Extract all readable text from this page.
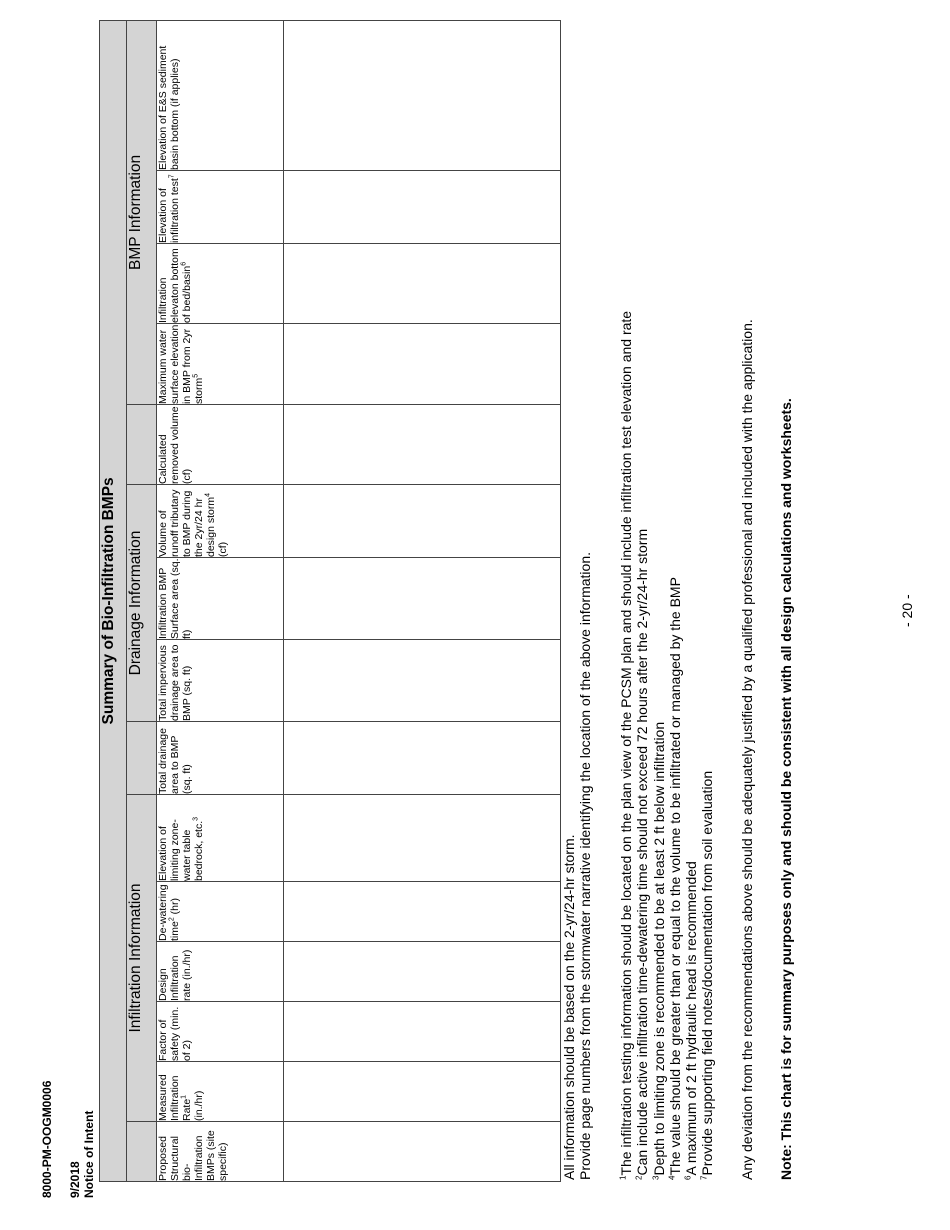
8000-PM-OOGM0006 9/2018 Notice of Intent
Summary of Bio-Infiltration BMPs														
	Infiltration Information						Drainage Information				BMP Information			
Proposed Structural bio-Infiltration BMPs (site specific)	Measured Infiltration Rate$^1$ (in./hr)	Factor of safety (min. of 2)	Design Infiltration rate (in./hr)	De-watering time$^2$ (hr)	Elevation of limiting zone-water table bedrock, etc.$^3$	Total drainage area to BMP (sq. ft)	Total impervious drainage area to BMP (sq. ft)	Infiltration BMP Surface area (sq. ft)	Volume of runoff tributary to BMP during the 2yr/24 hr design storm$^4$ (cf)	Calculated removed volume (cf)	Maximum water surface elevation in BMP from 2yr storm$^5$	Infiltration elevaton bottom of bed/basin$^6$	Elevation of infiltration test$^7$	Elevation of E&S sediment basin bottom (if applies)

All information should be based on the 2-yr/24-hr storm. Provide page numbers from the stormwater narrative identifying the location of the above information.	$^1$The infiltration testing information should be located on the plan view of the PCSM plan and should include infiltration test elevation and rate
$^2$Can include active infiltration time-dewatering time should not exceed 72 hours after the 2-yr/24-hr storm
$^3$Depth to limiting zone is recommended to be at least 2 ft below infiltration
$^4$The value should be greater than or equal to the volume to be infiltrated or managed by the BMP
$^6$A maximum of 2 ft hydraulic head is recommended
$^7$Provide supporting field notes/documentation from soil evaluation Any deviation from the recommendations above should be adequately justified by a qualified professional and included with the application. Note: This chart is for summary purposes only and should be consistent with all design calculations and worksheets.	- 20 -
